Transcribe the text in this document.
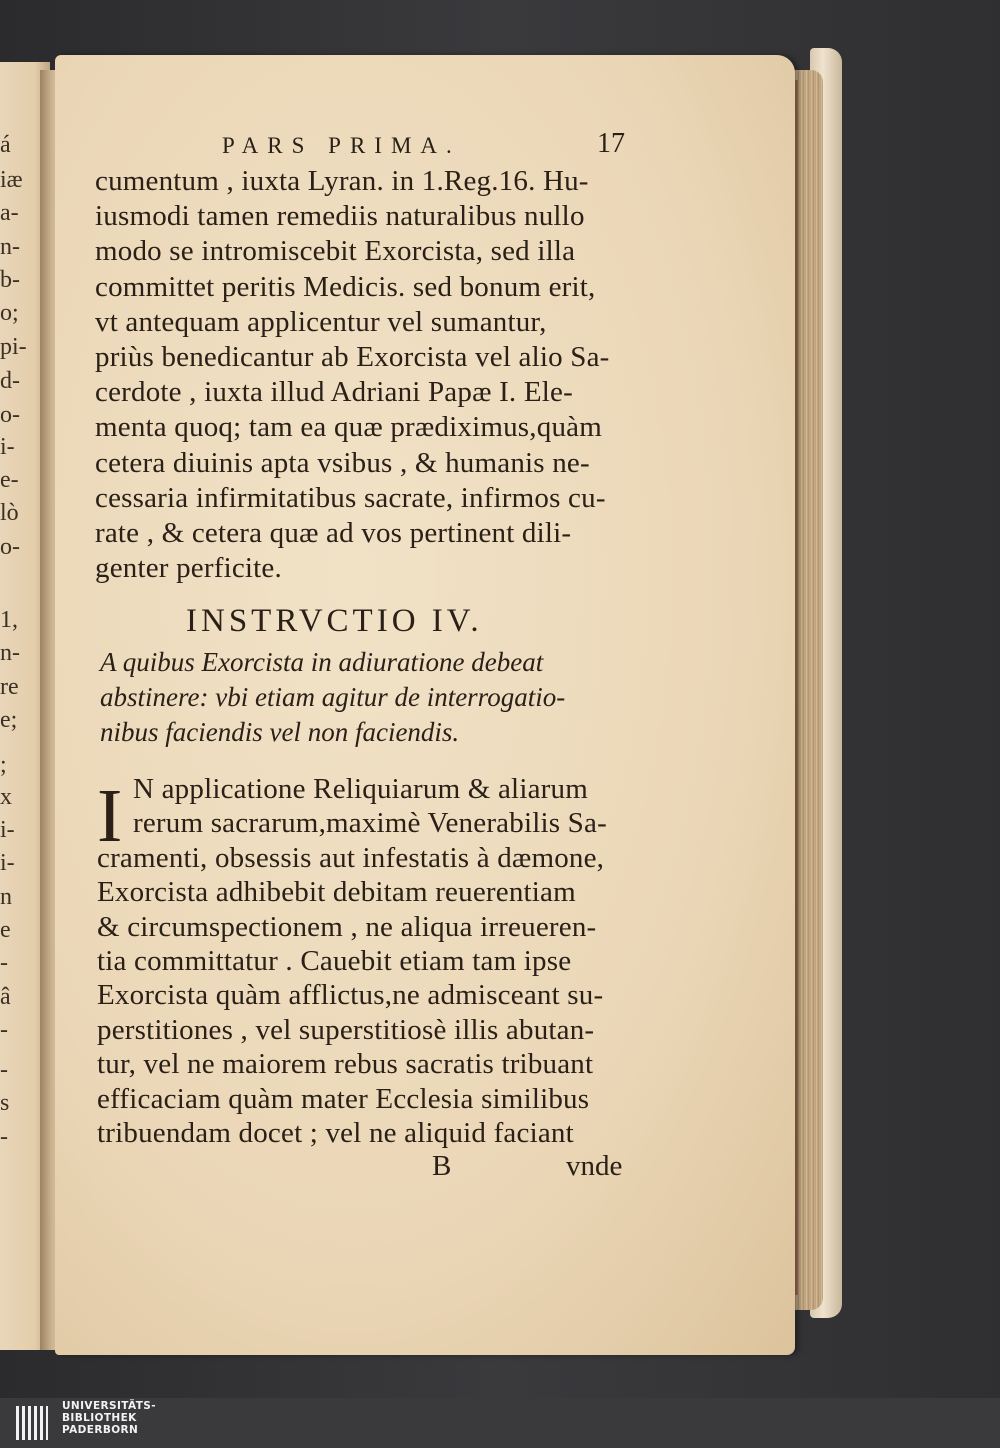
á
iæ
a-
n-
b-
o;
pi-
d-
o-
i-
e-
lò
o-
1,
n-
re
e;
;
x
i-
i-
n
e
-
â
-
-
s
-
PARS PRIMA.	17
cumentum , iuxta Lyran. in 1.Reg.16. Hu-
iusmodi tamen remediis naturalibus nullo
modo se intromiscebit Exorcista, sed illa
committet peritis Medicis. sed bonum erit,
vt antequam applicentur vel sumantur,
priùs benedicantur ab Exorcista vel alio Sa-
cerdote , iuxta illud Adriani Papæ I. Ele-
menta quoq; tam ea quæ prædiximus,quàm
cetera diuinis apta vsibus , & humanis ne-
cessaria infirmitatibus sacrate, infirmos cu-
rate , & cetera quæ ad vos pertinent dili-
genter perficite.
INSTRVCTIO IV.
A quibus Exorcista in adiuratione debeat
abstinere: vbi etiam agitur de interrogatio-
nibus faciendis vel non faciendis.
I N applicatione Reliquiarum & aliarum
rerum sacrarum,maximè Venerabilis Sa-
cramenti, obsessis aut infestatis à dæmone,
Exorcista adhibebit debitam reuerentiam
& circumspectionem , ne aliqua irreueren-
tia committatur . Cauebit etiam tam ipse
Exorcista quàm afflictus,ne admisceant su-
perstitiones , vel superstitiosè illis abutan-
tur, vel ne maiorem rebus sacratis tribuant
efficaciam quàm mater Ecclesia similibus
tribuendam docet ; vel ne aliquid faciant
B	vnde
UNIVERSITÄTS-
BIBLIOTHEK
PADERBORN
